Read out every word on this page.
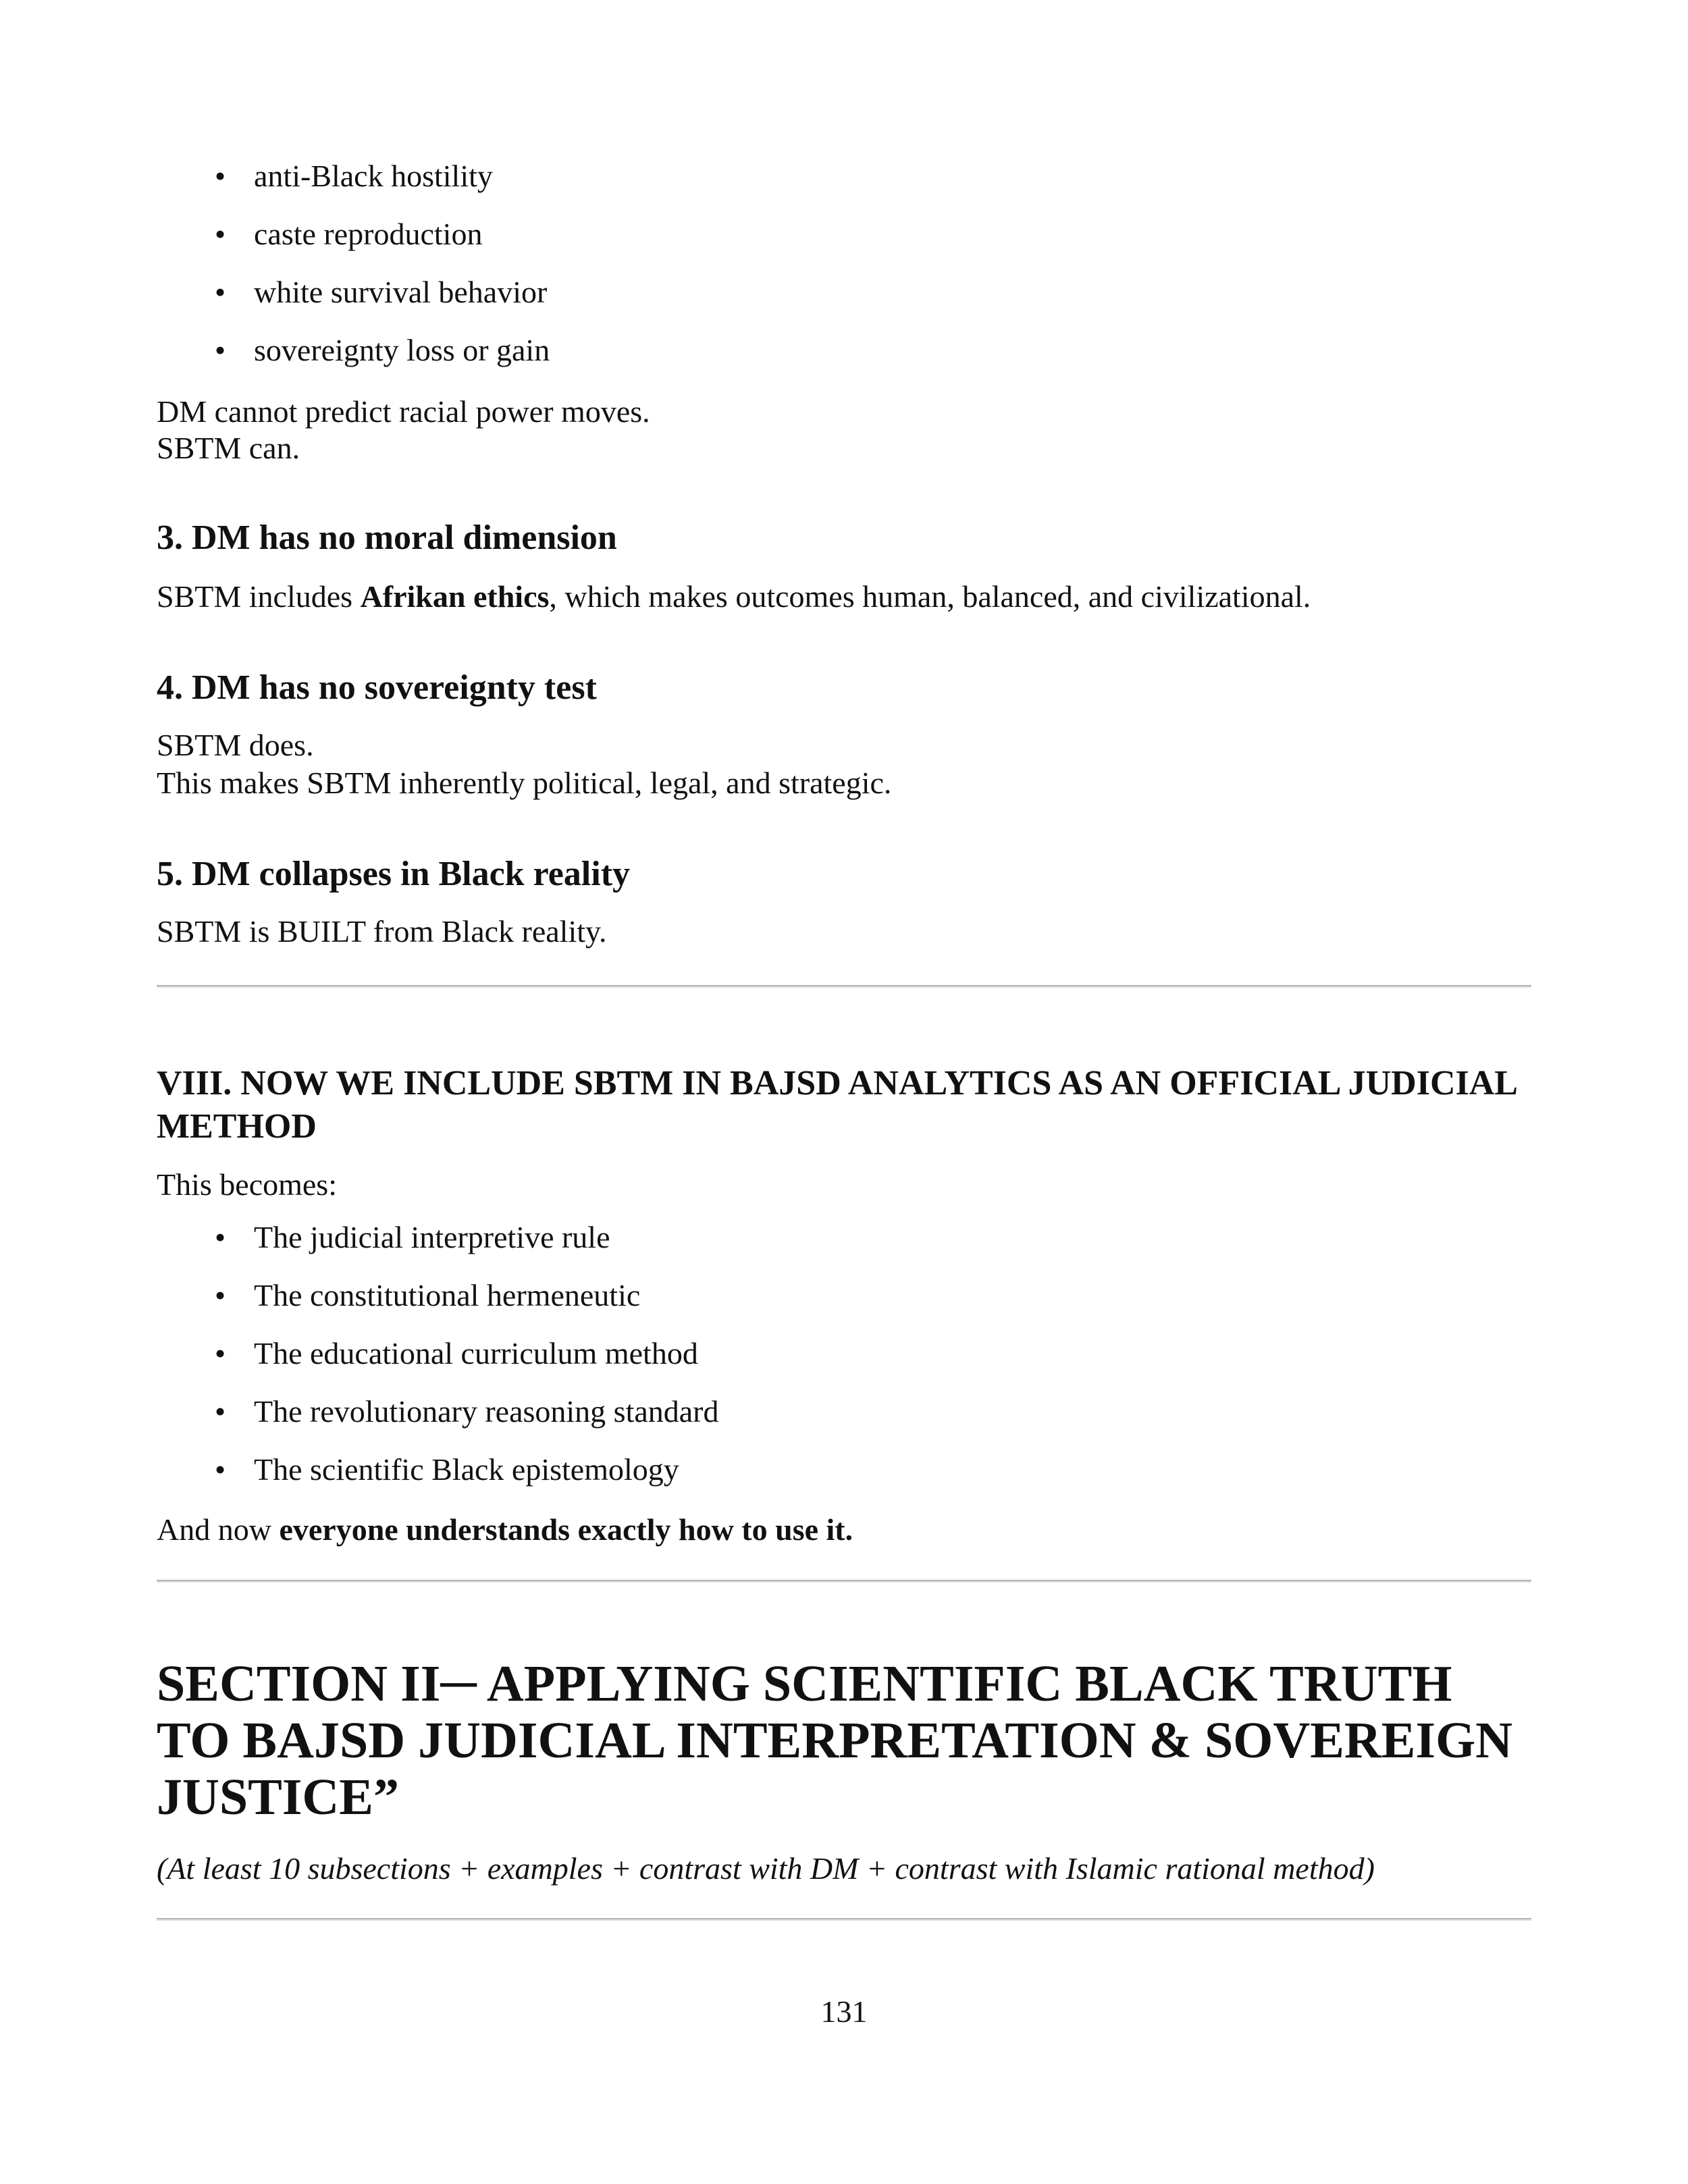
• anti-Black hostility
• caste reproduction
• white survival behavior
• sovereignty loss or gain
DM cannot predict racial power moves.
SBTM can.
3. DM has no moral dimension
SBTM includes Afrikan ethics, which makes outcomes human, balanced, and civilizational.
4. DM has no sovereignty test
SBTM does.
This makes SBTM inherently political, legal, and strategic.
5. DM collapses in Black reality
SBTM is BUILT from Black reality.
VIII. NOW WE INCLUDE SBTM IN BAJSD ANALYTICS AS AN OFFICIAL JUDICIAL METHOD
This becomes:
• The judicial interpretive rule
• The constitutional hermeneutic
• The educational curriculum method
• The revolutionary reasoning standard
• The scientific Black epistemology
And now everyone understands exactly how to use it.
SECTION II─ APPLYING SCIENTIFIC BLACK TRUTH TO BAJSD JUDICIAL INTERPRETATION & SOVEREIGN JUSTICE”
(At least 10 subsections + examples + contrast with DM + contrast with Islamic rational method)
131
